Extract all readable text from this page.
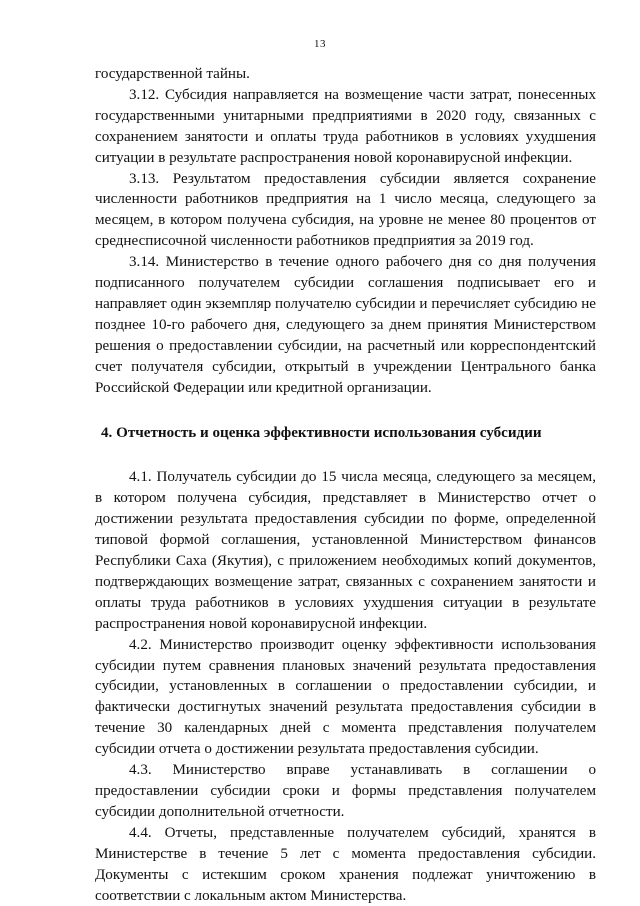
13

государственной тайны.

3.12. Субсидия направляется на возмещение части затрат, понесенных государственными унитарными предприятиями в 2020 году, связанных с сохранением занятости и оплаты труда работников в условиях ухудшения ситуации в результате распространения новой коронавирусной инфекции.

3.13. Результатом предоставления субсидии является сохранение численности работников предприятия на 1 число месяца, следующего за месяцем, в котором получена субсидия, на уровне не менее 80 процентов от среднесписочной численности работников предприятия за 2019 год.

3.14. Министерство в течение одного рабочего дня со дня получения подписанного получателем субсидии соглашения подписывает его и направляет один экземпляр получателю субсидии и перечисляет субсидию не позднее 10-го рабочего дня, следующего за днем принятия Министерством решения о предоставлении субсидии, на расчетный или корреспондентский счет получателя субсидии, открытый в учреждении Центрального банка Российской Федерации или кредитной организации.

4. Отчетность и оценка эффективности использования субсидии

4.1. Получатель субсидии до 15 числа месяца, следующего за месяцем, в котором получена субсидия, представляет в Министерство отчет о достижении результата предоставления субсидии по форме, определенной типовой формой соглашения, установленной Министерством финансов Республики Саха (Якутия), с приложением необходимых копий документов, подтверждающих возмещение затрат, связанных с сохранением занятости и оплаты труда работников в условиях ухудшения ситуации в результате распространения новой коронавирусной инфекции.

4.2. Министерство производит оценку эффективности использования субсидии путем сравнения плановых значений результата предоставления субсидии, установленных в соглашении о предоставлении субсидии, и фактически достигнутых значений результата предоставления субсидии в течение 30 календарных дней с момента представления получателем субсидии отчета о достижении результата предоставления субсидии.

4.3. Министерство вправе устанавливать в соглашении о предоставлении субсидии сроки и формы представления получателем субсидии дополнительной отчетности.

4.4. Отчеты, представленные получателем субсидий, хранятся в Министерстве в течение 5 лет с момента предоставления субсидии. Документы с истекшим сроком хранения подлежат уничтожению в соответствии с локальным актом Министерства.
